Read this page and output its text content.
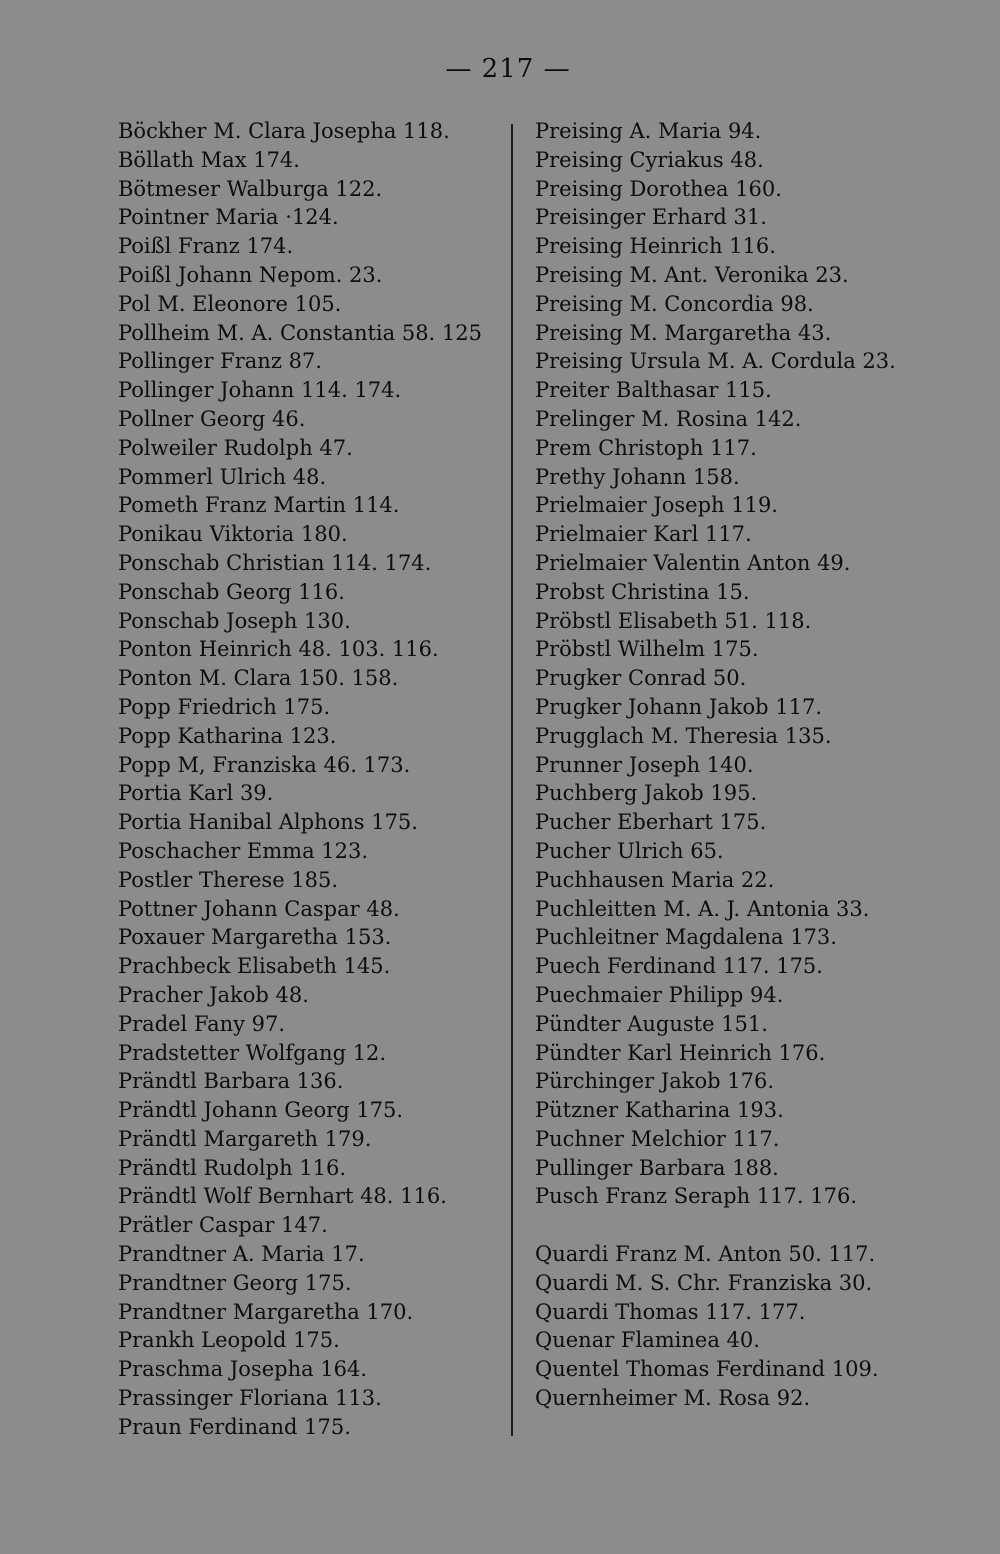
— 217 —
Böckher M. Clara Josepha 118.
Böllath Max 174.
Bötmeser Walburga 122.
Pointner Maria ·124.
Poißl Franz 174.
Poißl Johann Nepom. 23.
Pol M. Eleonore 105.
Pollheim M. A. Constantia 58. 125
Pollinger Franz 87.
Pollinger Johann 114. 174.
Pollner Georg 46.
Polweiler Rudolph 47.
Pommerl Ulrich 48.
Pometh Franz Martin 114.
Ponikau Viktoria 180.
Ponschab Christian 114. 174.
Ponschab Georg 116.
Ponschab Joseph 130.
Ponton Heinrich 48. 103. 116.
Ponton M. Clara 150. 158.
Popp Friedrich 175.
Popp Katharina 123.
Popp M, Franziska 46. 173.
Portia Karl 39.
Portia Hanibal Alphons 175.
Poschacher Emma 123.
Postler Therese 185.
Pottner Johann Caspar 48.
Poxauer Margaretha 153.
Prachbeck Elisabeth 145.
Pracher Jakob 48.
Pradel Fany 97.
Pradstetter Wolfgang 12.
Prändtl Barbara 136.
Prändtl Johann Georg 175.
Prändtl Margareth 179.
Prändtl Rudolph 116.
Prändtl Wolf Bernhart 48. 116.
Prätler Caspar 147.
Prandtner A. Maria 17.
Prandtner Georg 175.
Prandtner Margaretha 170.
Prankh Leopold 175.
Praschma Josepha 164.
Prassinger Floriana 113.
Praun Ferdinand 175.
Preising A. Maria 94.
Preising Cyriakus 48.
Preising Dorothea 160.
Preisinger Erhard 31.
Preising Heinrich 116.
Preising M. Ant. Veronika 23.
Preising M. Concordia 98.
Preising M. Margaretha 43.
Preising Ursula M. A. Cordula 23.
Preiter Balthasar 115.
Prelinger M. Rosina 142.
Prem Christoph 117.
Prethy Johann 158.
Prielmaier Joseph 119.
Prielmaier Karl 117.
Prielmaier Valentin Anton 49.
Probst Christina 15.
Pröbstl Elisabeth 51. 118.
Pröbstl Wilhelm 175.
Prugker Conrad 50.
Prugker Johann Jakob 117.
Prugglach M. Theresia 135.
Prunner Joseph 140.
Puchberg Jakob 195.
Pucher Eberhart 175.
Pucher Ulrich 65.
Puchhausen Maria 22.
Puchleitten M. A. J. Antonia 33.
Puchleitner Magdalena 173.
Puech Ferdinand 117. 175.
Puechmaier Philipp 94.
Pündter Auguste 151.
Pündter Karl Heinrich 176.
Pürchinger Jakob 176.
Pützner Katharina 193.
Puchner Melchior 117.
Pullinger Barbara 188.
Pusch Franz Seraph 117. 176.
Quardi Franz M. Anton 50. 117.
Quardi M. S. Chr. Franziska 30.
Quardi Thomas 117. 177.
Quenar Flaminea 40.
Quentel Thomas Ferdinand 109.
Quernheimer M. Rosa 92.
